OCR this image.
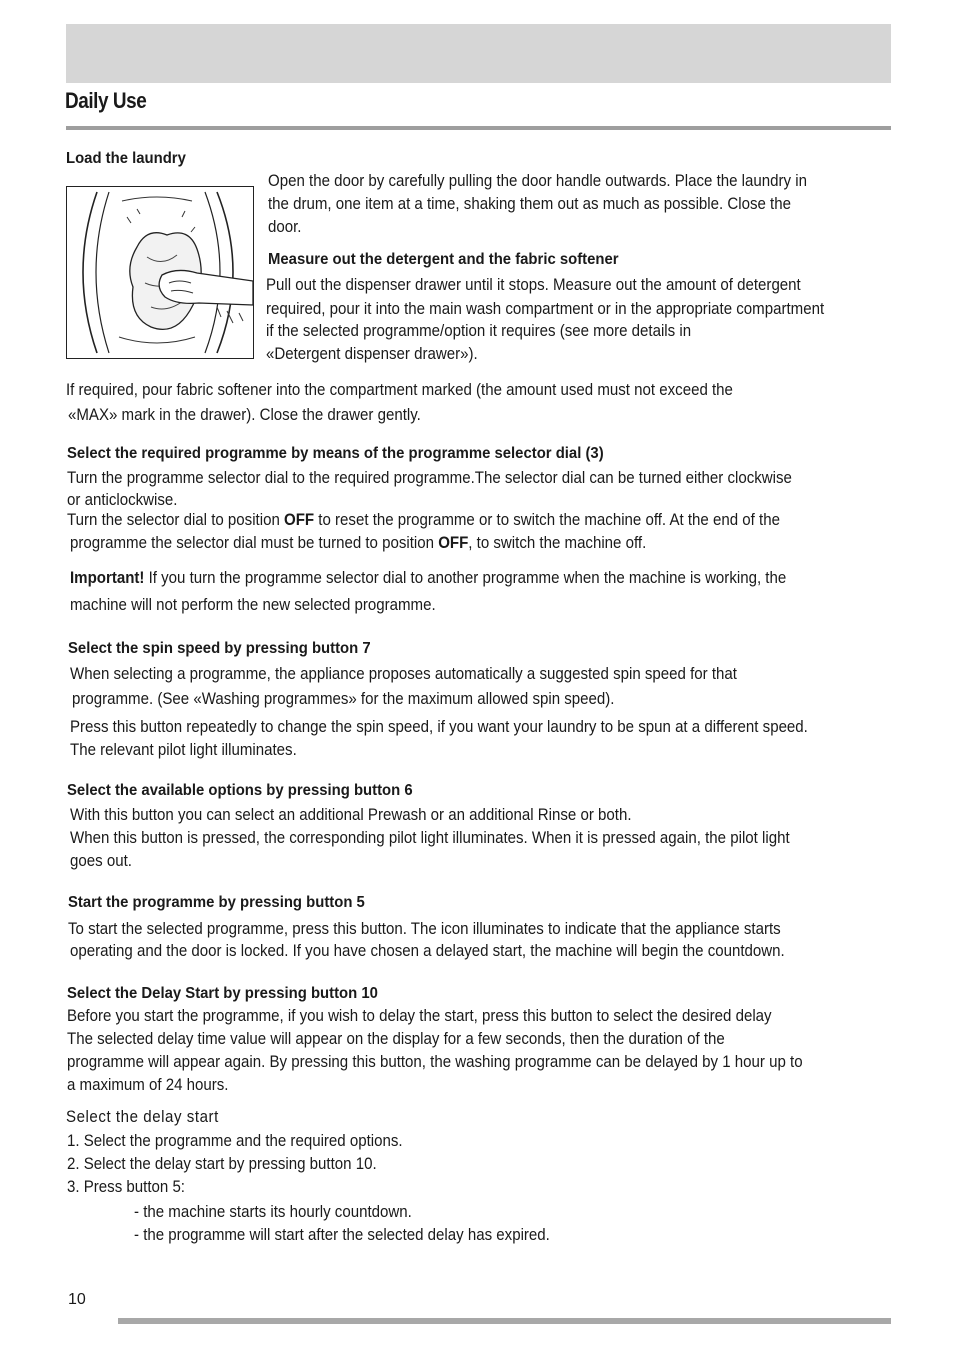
Daily Use
Load the laundry
Open the door by carefully pulling the door handle outwards. Place the laundry in
the drum, one item at a time, shaking them out as much as possible. Close the
door.
Measure out the detergent and the fabric softener
Pull out the dispenser drawer until it stops. Measure out the amount of detergent
required, pour it into the main wash compartment or in the appropriate compartment
if the selected programme/option it requires (see more details in
«Detergent dispenser drawer»).
If required, pour fabric softener into the compartment marked (the amount used must not exceed the
«MAX» mark in the drawer). Close the drawer gently.
Select the required programme by means of the programme selector dial (3)
Turn the programme selector dial to the required programme.The selector dial can be turned either clockwise
or anticlockwise.
Turn the selector dial to position OFF to reset the programme or to switch the machine off. At the end of the
programme the selector dial must be turned to position OFF, to switch the machine off.
Important! If you turn the programme selector dial to another programme when the machine is working, the
machine will not perform the new selected programme.
Select the spin speed by pressing button 7
When selecting a programme, the appliance proposes automatically a suggested spin speed for that
programme. (See «Washing programmes» for the maximum allowed spin speed).
Press this button repeatedly to change the spin speed, if you want your laundry to be spun at a different speed.
The relevant pilot light illuminates.
Select the available options by pressing button 6
With this button you can select an additional Prewash or an additional Rinse or both.
When this button is pressed, the corresponding pilot light illuminates. When it is pressed again, the pilot light
goes out.
Start the programme by pressing button 5
To start the selected programme, press this button. The icon illuminates to indicate that the appliance starts
operating and the door is locked. If you have chosen a delayed start, the machine will begin the countdown.
Select the Delay Start by pressing button 10
Before you start the programme, if you wish to delay the start, press this button to select the desired delay
The selected delay time value will appear on the display for a few seconds, then the duration of the
programme will appear again. By pressing this button, the washing programme can be delayed by 1 hour up to
a maximum of 24 hours.
Select the delay start
1. Select the programme and the required options.
2. Select the delay start by pressing button 10.
3. Press button 5:
- the machine starts its hourly countdown.
- the programme will start after the selected delay has expired.
10
